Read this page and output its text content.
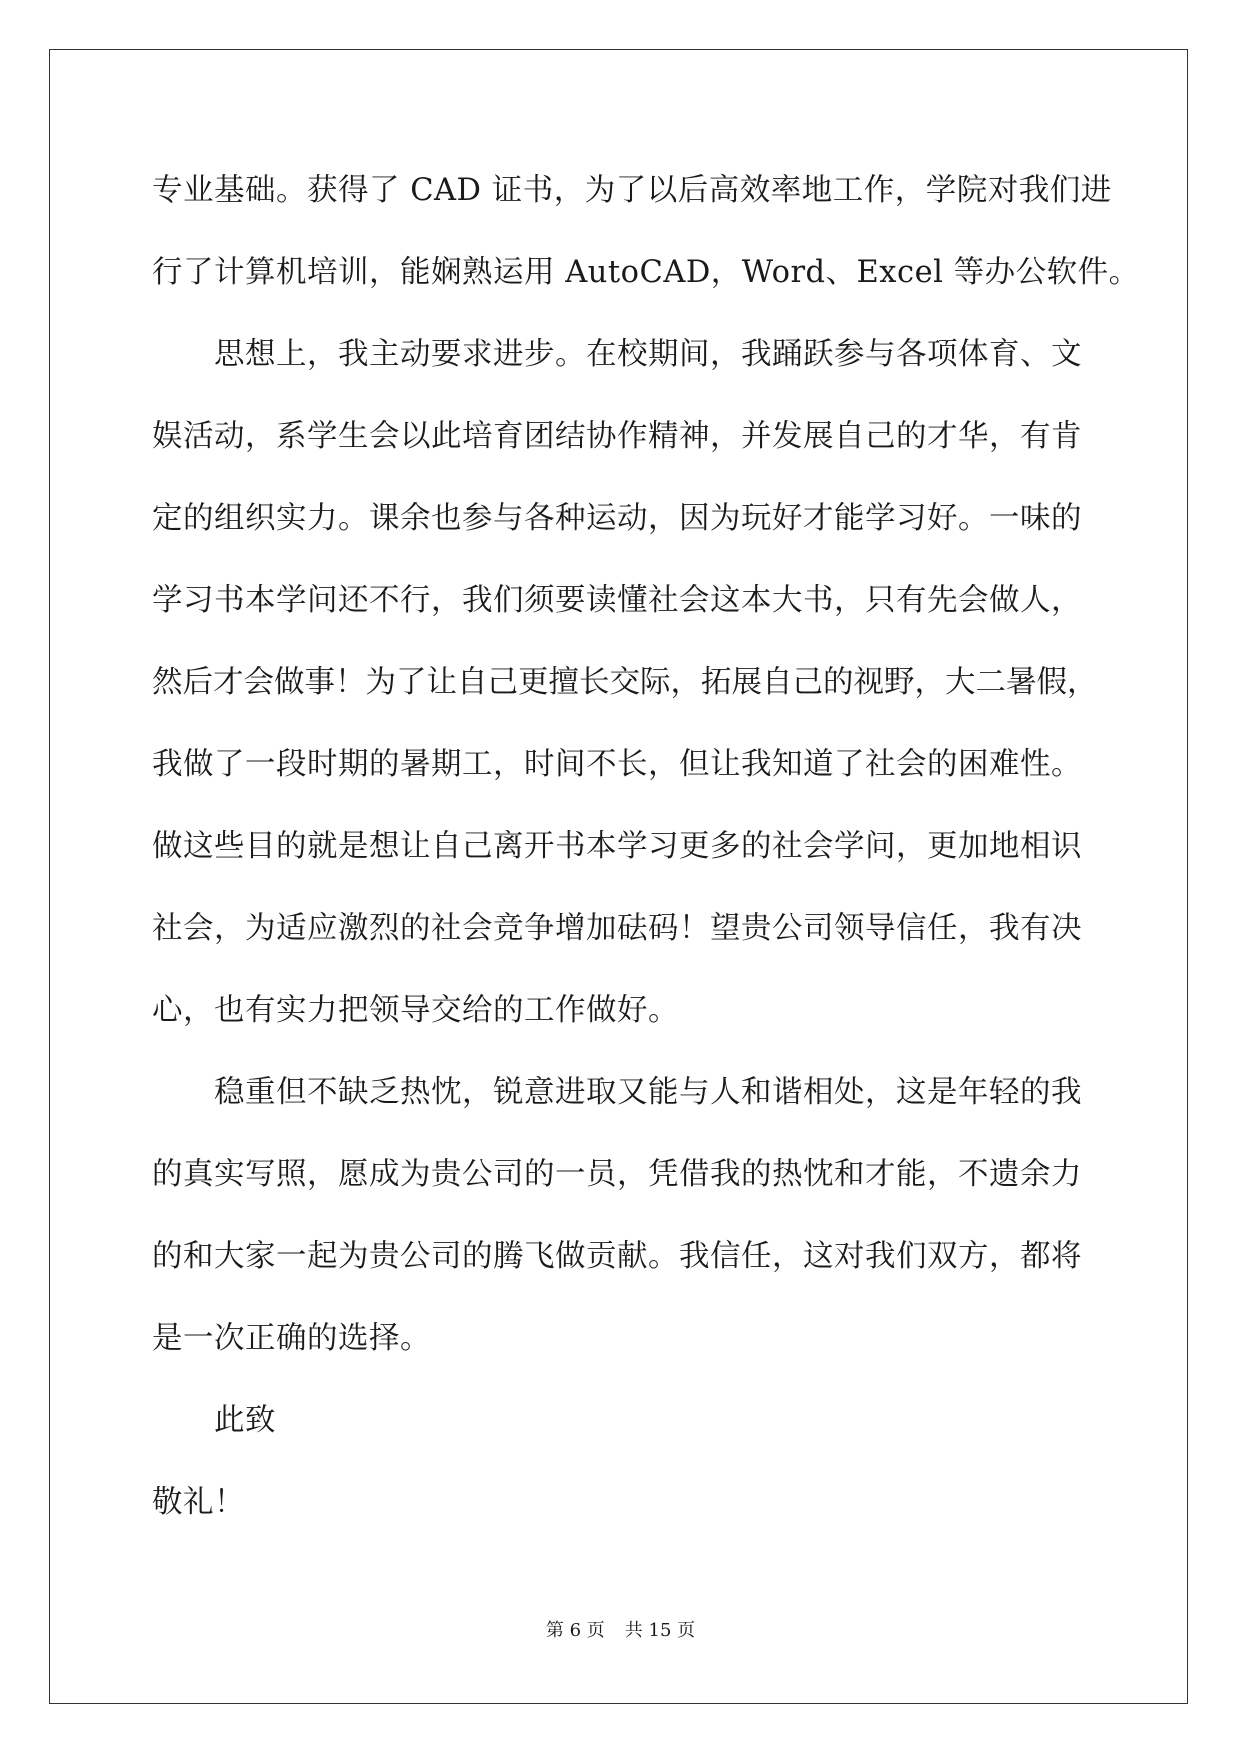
专业基础。获得了 CAD 证书，为了以后高效率地工作，学院对我们进
行了计算机培训，能娴熟运用 AutoCAD，Word、Excel 等办公软件。
思想上，我主动要求进步。在校期间，我踊跃参与各项体育、文
娱活动，系学生会以此培育团结协作精神，并发展自己的才华，有肯
定的组织实力。课余也参与各种运动，因为玩好才能学习好。一味的
学习书本学问还不行，我们须要读懂社会这本大书，只有先会做人，
然后才会做事！为了让自己更擅长交际，拓展自己的视野，大二暑假，
我做了一段时期的暑期工，时间不长，但让我知道了社会的困难性。
做这些目的就是想让自己离开书本学习更多的社会学问，更加地相识
社会，为适应激烈的社会竞争增加砝码！望贵公司领导信任，我有决
心，也有实力把领导交给的工作做好。
稳重但不缺乏热忱，锐意进取又能与人和谐相处，这是年轻的我
的真实写照，愿成为贵公司的一员，凭借我的热忱和才能，不遗余力
的和大家一起为贵公司的腾飞做贡献。我信任，这对我们双方，都将
是一次正确的选择。
此致
敬礼！
第 6 页 共 15 页
